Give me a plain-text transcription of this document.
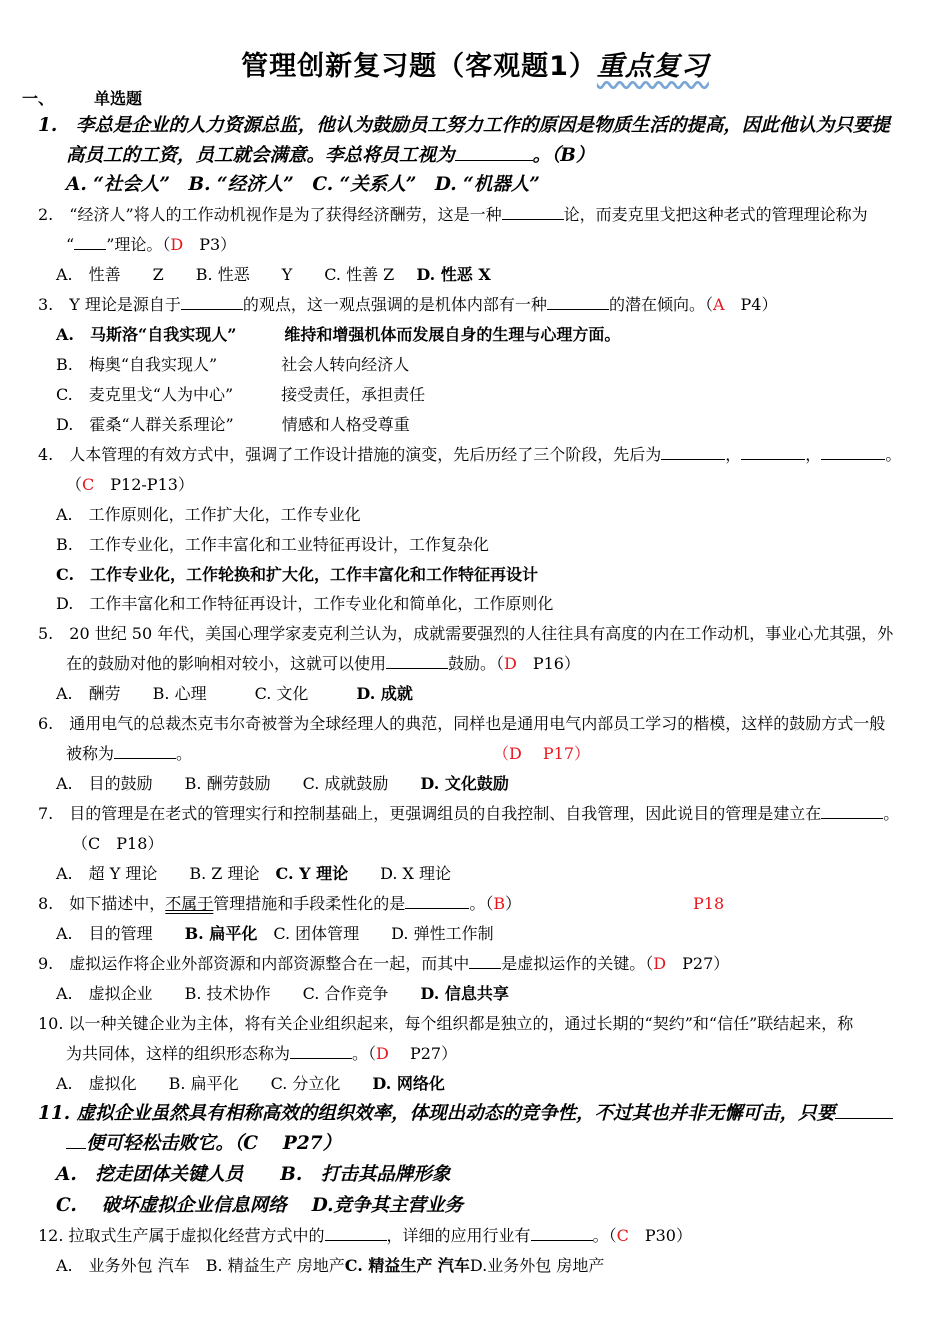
管理创新复习题（客观题1）重点复习
一、	单选题
1.　李总是企业的人力资源总监，他认为鼓励员工努力工作的原因是物质生活的提高，因此他认为只要提
高员工的工资，员工就会满意。李总将员工视为	。（B）
A. “社会人”　B. “经济人”　C. “关系人”　D. “机器人”
2.　“经济人”将人的工作动机视作是为了获得经济酬劳，这是一种	论，而麦克里戈把这种老式的管理理论称为
“ ”理论。（D　P3）
A.　性善　　Z　　B. 性恶　　Y　　C. 性善 Z D. 性恶 X
3.　Y 理论是源自于	的观点，这一观点强调的是机体内部有一种	的潜在倾向。（A　P4）
A.　马斯洛“自我实现人”　　　维持和增强机体而发展自身的生理与心理方面。
B.　梅奥“自我实现人”　　　　社会人转向经济人
C.　麦克里戈“人为中心”　　　接受责任，承担责任
D.　霍桑“人群关系理论”　　　情感和人格受尊重
4.　人本管理的有效方式中，强调了工作设计措施的演变，先后历经了三个阶段，先后为	，	，	。
（C　P12-P13）
A.　工作原则化，工作扩大化，工作专业化
B.　工作专业化，工作丰富化和工业特征再设计，工作复杂化
C.　工作专业化，工作轮换和扩大化，工作丰富化和工作特征再设计
D.　工作丰富化和工作特征再设计，工作专业化和简单化，工作原则化
5.　20 世纪 50 年代，美国心理学家麦克利兰认为，成就需要强烈的人往往具有高度的内在工作动机，事业心尤其强，外
在的鼓励对他的影响相对较小，这就可以使用	鼓励。（D　P16）
A.　酬劳　　B. 心理　　　C. 文化　　　D. 成就
6.　通用电气的总裁杰克韦尔奇被誉为全球经理人的典范，同样也是通用电气内部员工学习的楷模，这样的鼓励方式一般
被称为	。	（D　 P17）
A.　目的鼓励　　B. 酬劳鼓励　　C. 成就鼓励　　D. 文化鼓励
7.　目的管理是在老式的管理实行和控制基础上，更强调组员的自我控制、自我管理，因此说目的管理是建立在	。
（C　P18）
A.　超 Y 理论　　B. Z 理论　C. Y 理论　　D. X 理论
8.　如下描述中，不属于管理措施和手段柔性化的是	。（B）	P18
A.　目的管理　　B. 扁平化　C. 团体管理　　D. 弹性工作制
9.　虚拟运作将企业外部资源和内部资源整合在一起，而其中 是虚拟运作的关键。（D　P27）
A.　虚拟企业　　B. 技术协作　　C. 合作竞争　　D. 信息共享
10. 以一种关键企业为主体，将有关企业组织起来，每个组织都是独立的，通过长期的“契约”和“信任”联结起来，称
为共同体，这样的组织形态称为	。（D　 P27）
A.　虚拟化　　B. 扁平化　　C. 分立化　　D. 网络化
11. 虚拟企业虽然具有相称高效的组织效率，体现出动态的竞争性，不过其也并非无懈可击，只要
便可轻松击败它。（C　 P27）
A.　挖走团体关键人员　　B.　打击其品牌形象
C.　 破坏虚拟企业信息网络　 D.竞争其主营业务
12. 拉取式生产属于虚拟化经营方式中的	，详细的应用行业有	。（C　P30）
A.　业务外包 汽车　B. 精益生产 房地产C. 精益生产 汽车D.业务外包 房地产
